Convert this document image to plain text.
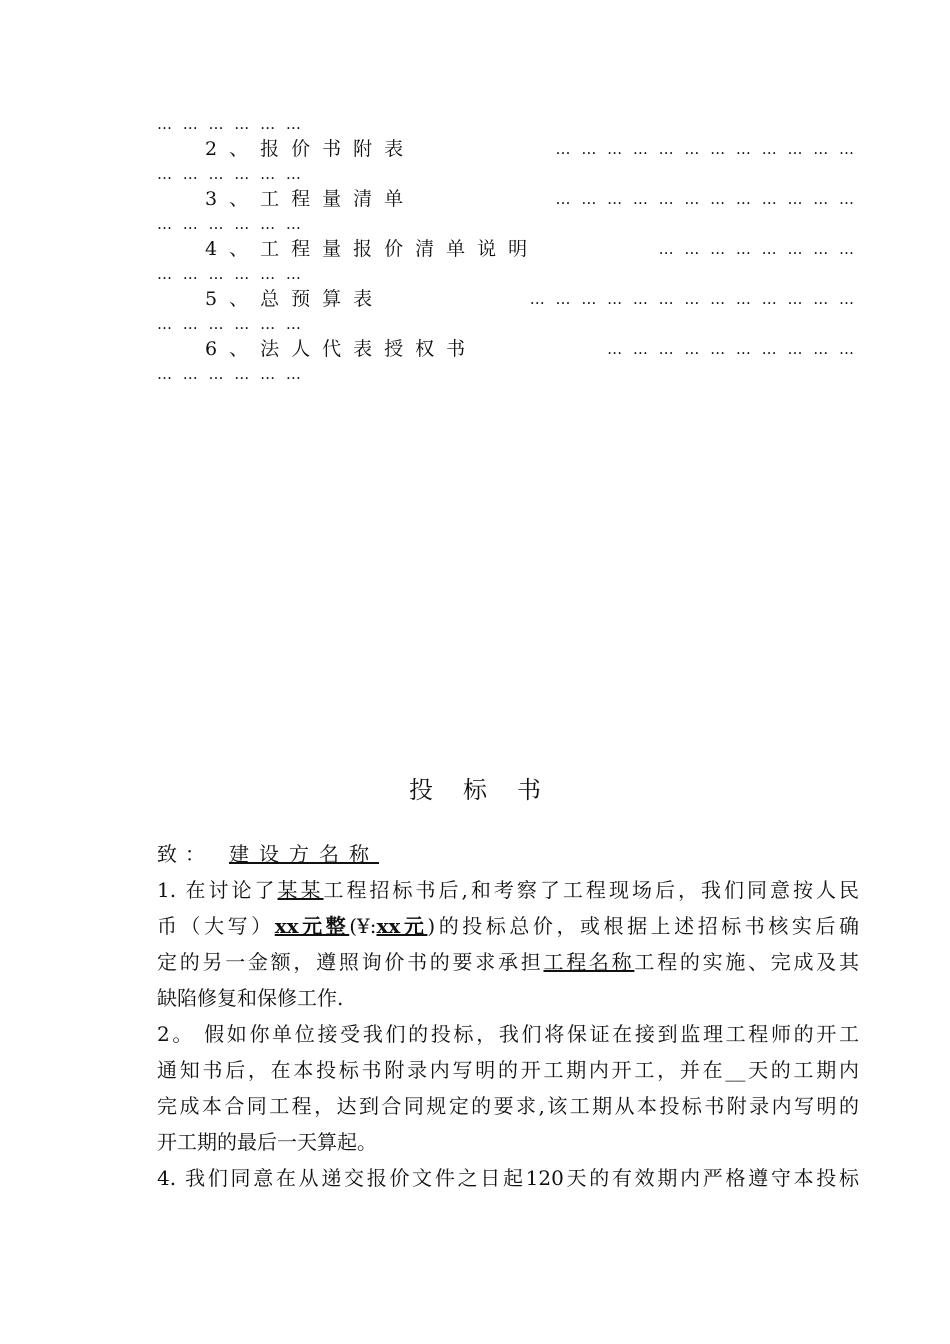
… … … … … …
2、报价书附表	… … … … … … … … … … … …
… … … … … …
3、工程量清单	… … … … … … … … … … … …
… … … … … …
4、工程量报价清单说明	… … … … … … … …
… … … … … …
5、总预算表	… … … … … … … … … … … … …
… … … … … …
6、法人代表授权书	… … … … … … … … … …
… … … … … …
投标书
致： 建设方名称
1. 在讨论了某某工程招标书后,和考察了工程现场后，我们同意按人民
币（大写）xx元整(¥:xx元)的投标总价，或根据上述招标书核实后确
定的另一金额，遵照询价书的要求承担工程名称工程的实施、完成及其
缺陷修复和保修工作.
2。 假如你单位接受我们的投标，我们将保证在接到监理工程师的开工
通知书后，在本投标书附录内写明的开工期内开工，并在__天的工期内
完成本合同工程，达到合同规定的要求,该工期从本投标书附录内写明的
开工期的最后一天算起。
4. 我们同意在从递交报价文件之日起120天的有效期内严格遵守本投标
